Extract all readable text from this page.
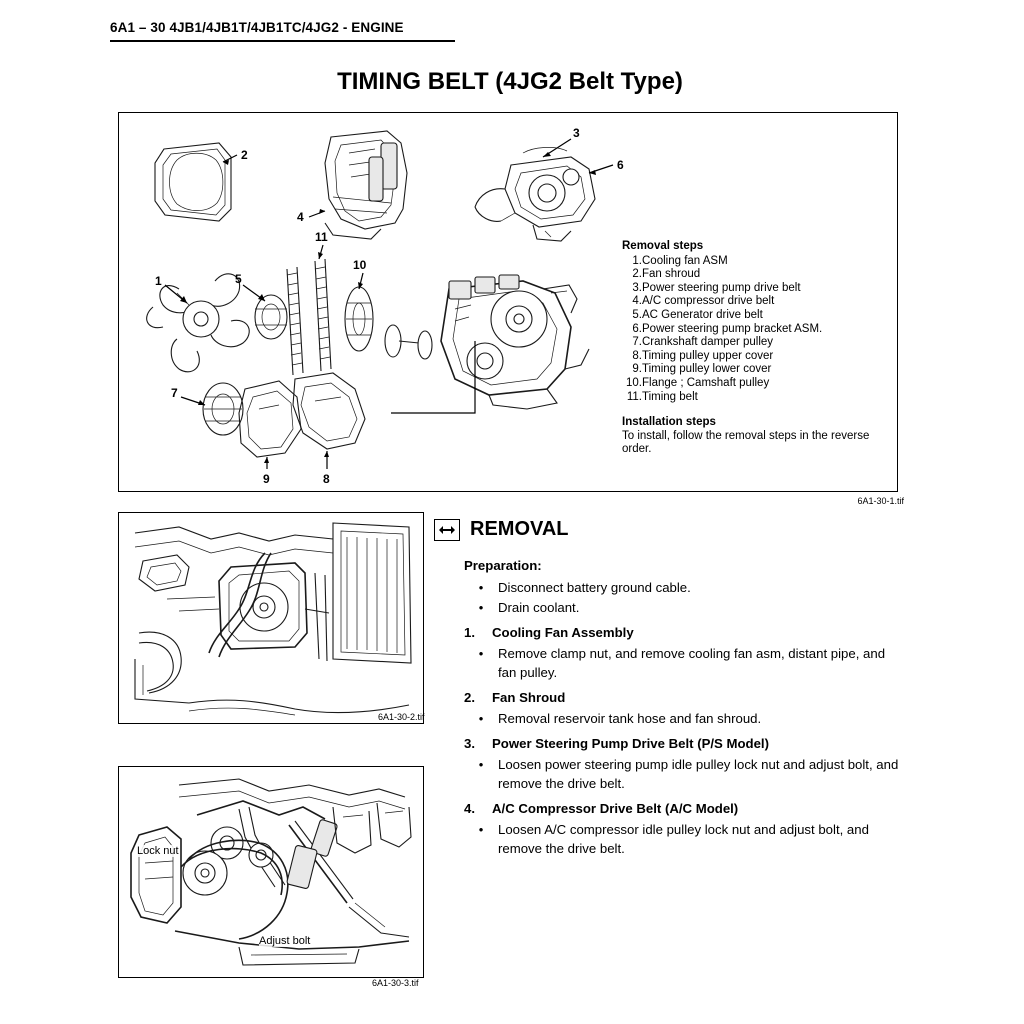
6A1 – 30 4JB1/4JB1T/4JB1TC/4JG2 - ENGINE
TIMING BELT (4JG2 Belt Type)
2
4
3
6
1	5
11
10
7
9	8
Removal steps
1.Cooling fan ASM
2.Fan shroud
3.Power steering pump drive belt
4.A/C compressor drive belt
5.AC Generator drive belt
6.Power steering pump bracket ASM.
7.Crankshaft damper pulley
8.Timing pulley upper cover
9.Timing pulley lower cover
10.Flange ; Camshaft pulley
11.Timing belt
Installation steps
To install, follow the removal steps in the reverse order.
6A1-30-1.tif
6A1-30-2.tif
Lock nut
Adjust bolt
6A1-30-3.tif
REMOVAL
Preparation:
•	Disconnect battery ground cable.
•	Drain coolant.
1.	Cooling Fan Assembly
•	Remove clamp nut, and remove cooling fan asm, distant pipe, and fan pulley.
2.	Fan Shroud
•	Removal reservoir tank hose and fan shroud.
3.	Power Steering Pump Drive Belt (P/S Model)
•	Loosen power steering pump idle pulley lock nut and adjust bolt, and remove the drive belt.
4.	A/C Compressor Drive Belt (A/C Model)
•	Loosen A/C compressor idle pulley lock nut and adjust bolt, and remove the drive belt.
